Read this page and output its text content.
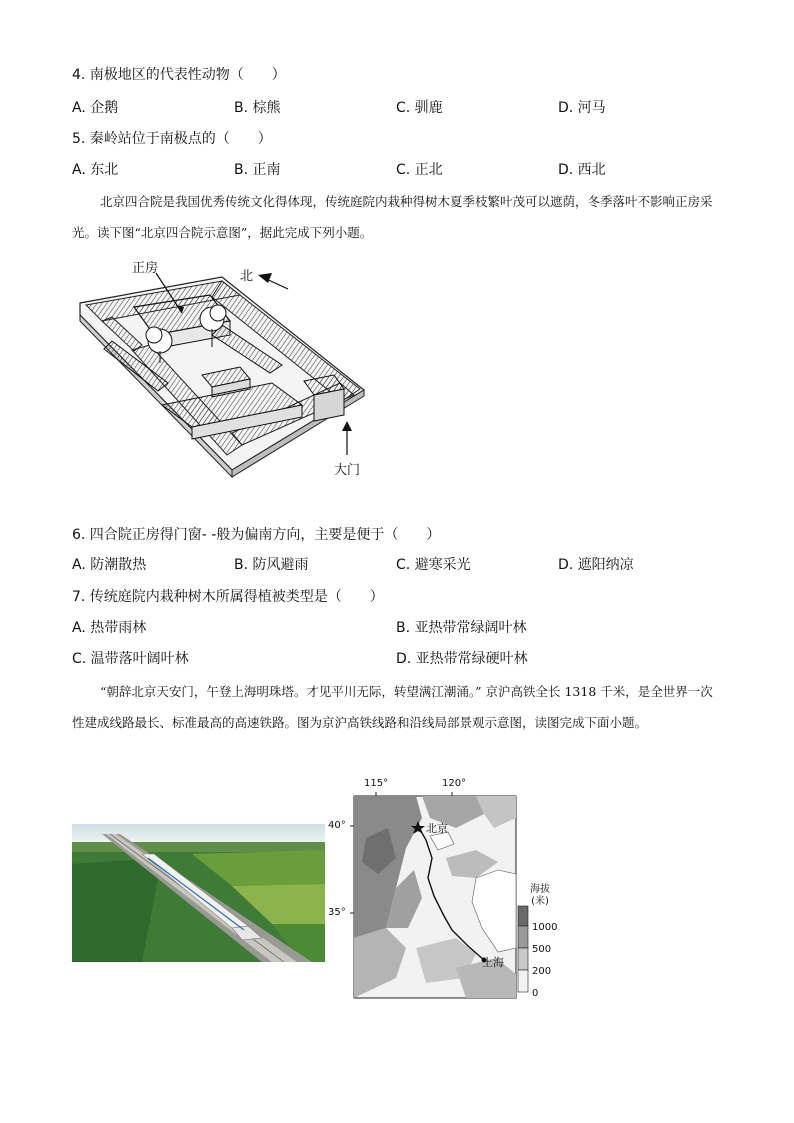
4. 南极地区的代表性动物（　　）
A. 企鹅	B. 棕熊	C. 驯鹿	D. 河马
5. 秦岭站位于南极点的（　　）
A. 东北	B. 正南	C. 正北	D. 西北
北京四合院是我国优秀传统文化得体现，传统庭院内栽种得树木夏季枝繁叶茂可以遮荫，冬季落叶不影响正房采光。读下图“北京四合院示意图”，据此完成下列小题。
正房
北
大门
6. 四合院正房得门窗- -般为偏南方向，主要是便于（　　）
A. 防潮散热	B. 防风避雨	C. 避寒采光	D. 遮阳纳凉
7. 传统庭院内栽种树木所属得植被类型是（　　）
A. 热带雨林	B. 亚热带常绿阔叶林
C. 温带落叶阔叶林	D. 亚热带常绿硬叶林
“朝辞北京天安门，午登上海明珠塔。才见平川无际，转望满江潮涌。” 京沪高铁全长 1318 千米，是全世界一次性建成线路最长、标准最高的高速铁路。图为京沪高铁线路和沿线局部景观示意图，读图完成下面小题。
115°	120°
40°
35°
北京
上海
海拔
(米)
1000
500
200
0
